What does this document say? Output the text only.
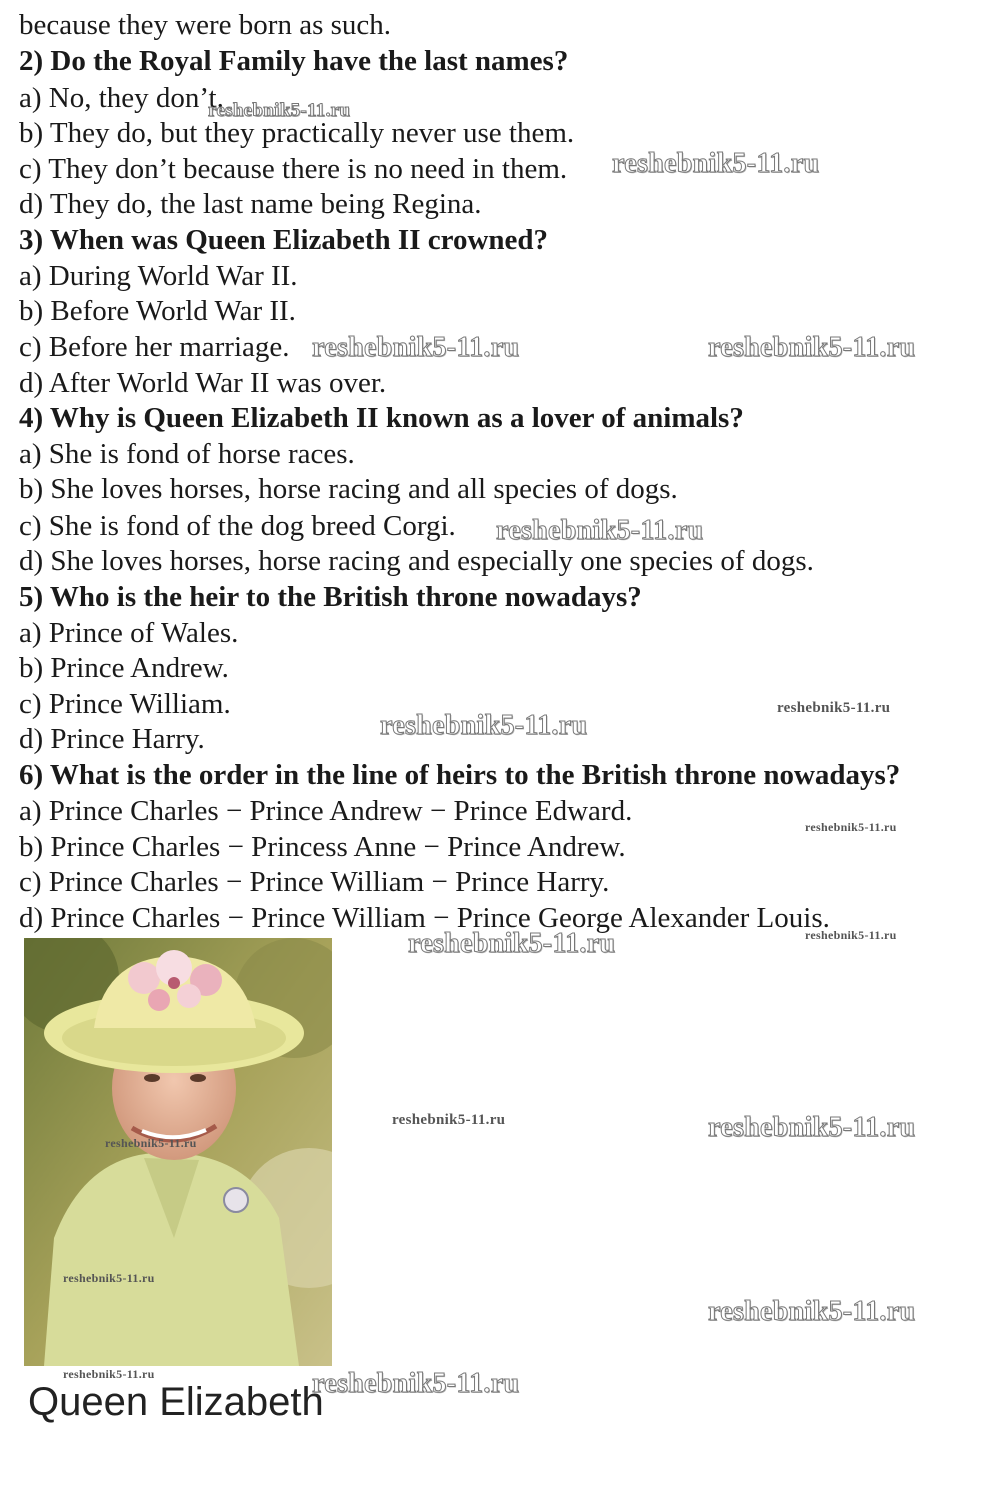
because they were born as such.
2) Do the Royal Family have the last names?
a) No, they don’t.
b) They do, but they practically never use them.
c) They don’t because there is no need in them.
d) They do, the last name being Regina.
3) When was Queen Elizabeth II crowned?
a) During World War II.
b) Before World War II.
c) Before her marriage.
d) After World War II was over.
4) Why is Queen Elizabeth II known as a lover of animals?
a) She is fond of horse races.
b) She loves horses, horse racing and all species of dogs.
c) She is fond of the dog breed Corgi.
d) She loves horses, horse racing and especially one species of dogs.
5) Who is the heir to the British throne nowadays?
a) Prince of Wales.
b) Prince Andrew.
c) Prince William.
d) Prince Harry.
6) What is the order in the line of heirs to the British throne nowadays?
a) Prince Charles − Prince Andrew − Prince Edward.
b) Prince Charles − Princess Anne − Prince Andrew.
c) Prince Charles − Prince William − Prince Harry.
d) Prince Charles − Prince William − Prince George Alexander Louis.
Queen Elizabeth
reshebnik5-11.ru
reshebnik5-11.ru
reshebnik5-11.ru	reshebnik5-11.ru
reshebnik5-11.ru
reshebnik5-11.ru
reshebnik5-11.ru
reshebnik5-11.ru
reshebnik5-11.ru	reshebnik5-11.ru
reshebnik5-11.ru	reshebnik5-11.ru
reshebnik5-11.ru
reshebnik5-11.ru
reshebnik5-11.ru
reshebnik5-11.ru	reshebnik5-11.ru
